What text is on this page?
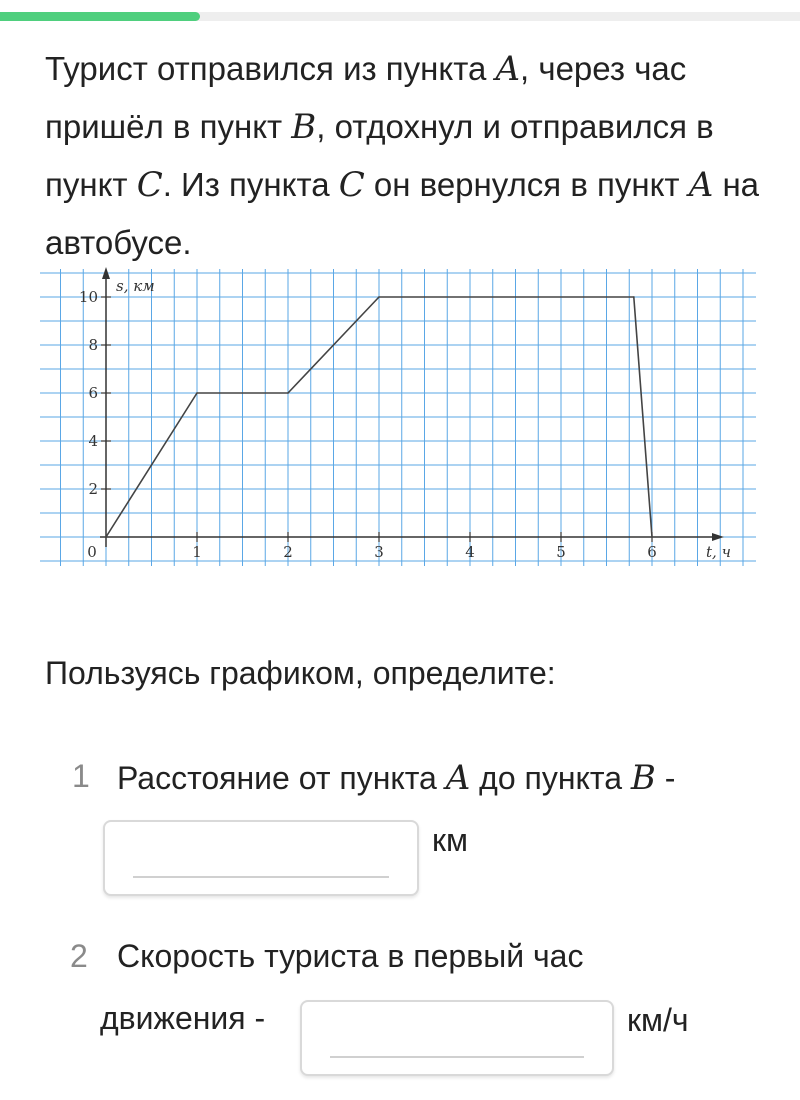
Турист отправился из пункта A, через час пришёл в пункт B, отдохнул и отправился в пункт C. Из пункта C он вернулся в пункт A на автобусе.
0	1	2	3	4	5	6
2
4
6
8
10
s, км
t, ч
Пользуясь графиком, определите:
1 Расстояние от пункта A до пункта B -
км
2 Скорость туриста в первый час
движения -	км/ч
